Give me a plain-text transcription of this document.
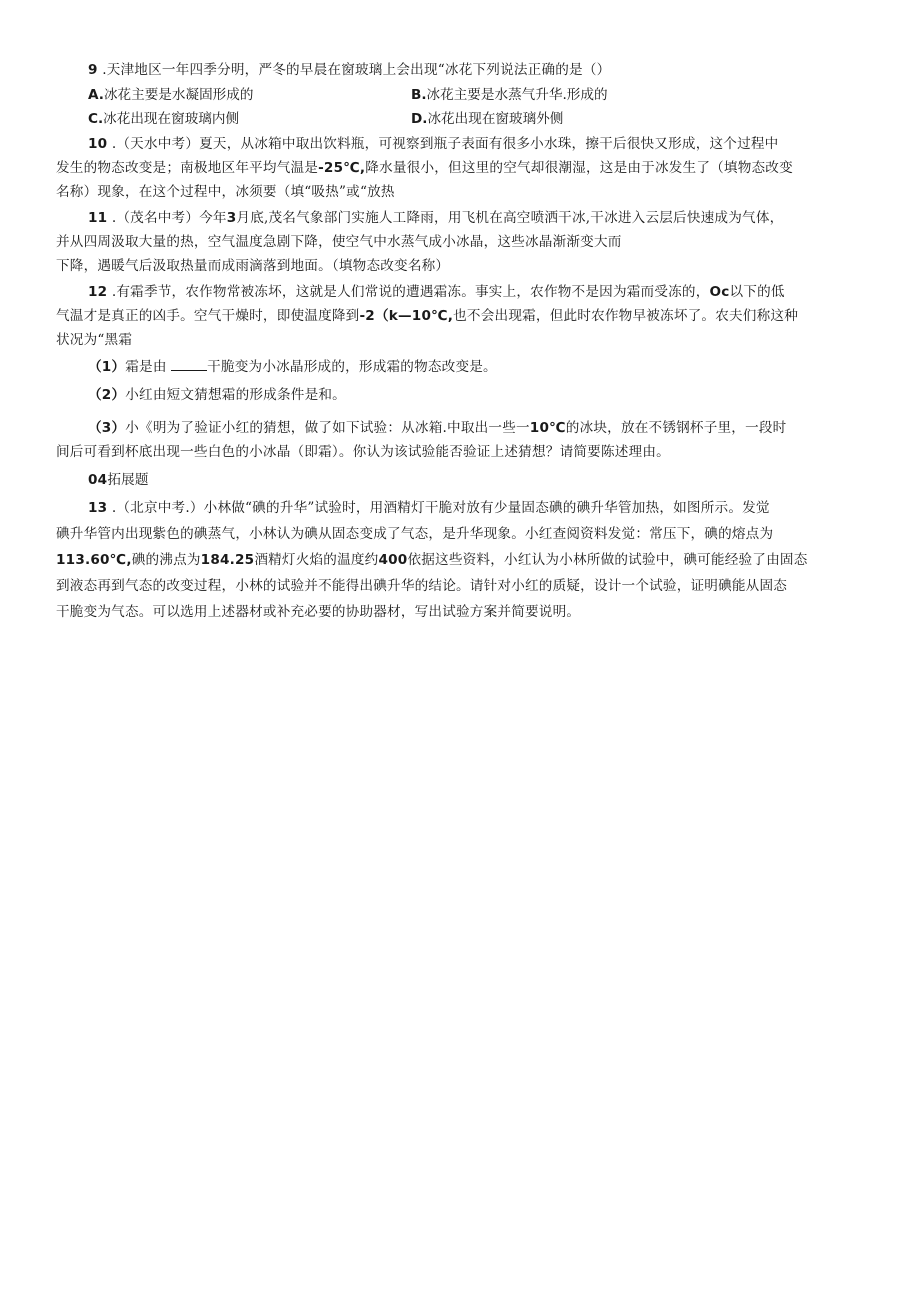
9 .天津地区一年四季分明，严冬的早晨在窗玻璃上会出现“冰花下列说法正确的是（）
A.冰花主要是水凝固形成的	B.冰花主要是水蒸气升华.形成的
C.冰花出现在窗玻璃内侧	D.冰花出现在窗玻璃外侧
10 .（天水中考）夏天，从冰箱中取出饮料瓶，可视察到瓶子表面有很多小水珠，擦干后很快又形成，这个过程中
发生的物态改变是；南极地区年平均气温是-25℃,降水量很小，但这里的空气却很潮湿，这是由于冰发生了（填物态改变
名称）现象，在这个过程中，冰须要（填“吸热”或“放热
11 .（茂名中考）今年3月底,茂名气象部门实施人工降雨，用飞机在高空喷洒干冰,干冰进入云层后快速成为气体，
并从四周汲取大量的热，空气温度急剧下降，使空气中水蒸气成小冰晶，这些冰晶渐渐变大而
下降，遇暖气后汲取热量而成雨滴落到地面。（填物态改变名称）
12 .有霜季节，农作物常被冻坏，这就是人们常说的遭遇霜冻。事实上，农作物不是因为霜而受冻的，Oc以下的低
气温才是真正的凶手。空气干燥时，即使温度降到-2（k—10℃,也不会出现霜，但此时农作物早被冻坏了。农夫们称这种
状况为“黑霜
（1）霜是由	干脆变为小冰晶形成的，形成霜的物态改变是。
（2）小红由短文猜想霜的形成条件是和。
（3）小《明为了验证小红的猜想，做了如下试验：从冰箱.中取出一些一10℃的冰块，放在不锈钢杯子里，一段时
间后可看到杯底出现一些白色的小冰晶（即霜）。你认为该试验能否验证上述猜想？请简要陈述理由。
04拓展题
13 .（北京中考.）小林做“碘的升华”试验时，用酒精灯干脆对放有少量固态碘的碘升华管加热，如图所示。发觉
碘升华管内出现紫色的碘蒸气，小林认为碘从固态变成了气态，是升华现象。小红查阅资料发觉：常压下，碘的熔点为
113.60℃,碘的沸点为184.25酒精灯火焰的温度约400依据这些资料，小红认为小林所做的试验中，碘可能经验了由固态
到液态再到气态的改变过程，小林的试验并不能得出碘升华的结论。请针对小红的质疑，设计一个试验，证明碘能从固态
干脆变为气态。可以选用上述器材或补充必要的协助器材，写出试验方案并简要说明。
